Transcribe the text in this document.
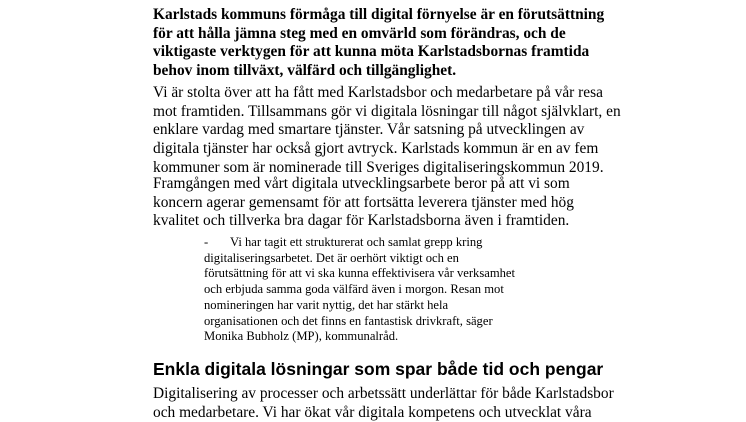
Karlstads kommuns förmåga till digital förnyelse är en förutsättning för att hålla jämna steg med en omvärld som förändras, och de viktigaste verktygen för att kunna möta Karlstadsbornas framtida behov inom tillväxt, välfärd och tillgänglighet.

Vi är stolta över att ha fått med Karlstadsbor och medarbetare på vår resa mot framtiden. Tillsammans gör vi digitala lösningar till något självklart, en enklare vardag med smartare tjänster. Vår satsning på utvecklingen av digitala tjänster har också gjort avtryck. Karlstads kommun är en av fem kommuner som är nominerade till Sveriges digitaliseringskommun 2019.

Framgången med vårt digitala utvecklingsarbete beror på att vi som koncern agerar gemensamt för att fortsätta leverera tjänster med hög kvalitet och tillverka bra dagar för Karlstadsborna även i framtiden.

- Vi har tagit ett strukturerat och samlat grepp kring digitaliseringsarbetet. Det är oerhört viktigt och en förutsättning för att vi ska kunna effektivisera vår verksamhet och erbjuda samma goda välfärd även i morgon. Resan mot nomineringen har varit nyttig, det har stärkt hela organisationen och det finns en fantastisk drivkraft, säger Monika Bubholz (MP), kommunalråd.

Enkla digitala lösningar som spar både tid och pengar

Digitalisering av processer och arbetssätt underlättar för både Karlstadsbor och medarbetare. Vi har ökat vår digitala kompetens och utvecklat våra
